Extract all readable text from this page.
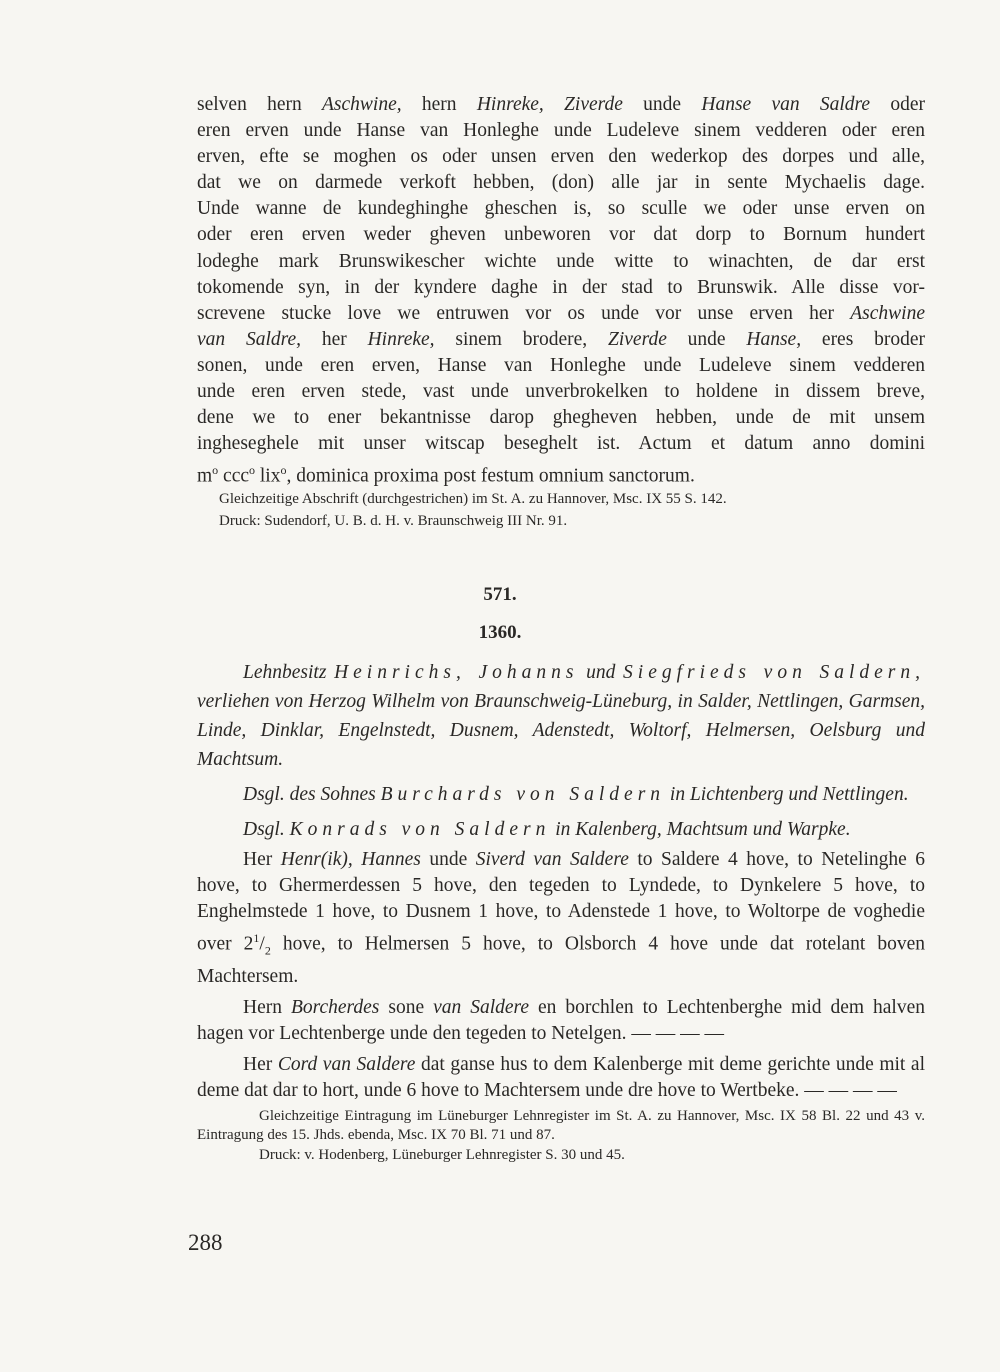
selven hern Aschwine, hern Hinreke, Ziverde unde Hanse van Saldre oder
eren erven unde Hanse van Honleghe unde Ludeleve sinem vedderen oder eren
erven, efte se moghen os oder unsen erven den wederkop des dorpes und alle,
dat we on darmede verkoft hebben, (don) alle jar in sente Mychaelis dage.
Unde wanne de kundeghinghe gheschen is, so sculle we oder unse erven on
oder eren erven weder gheven unbeworen vor dat dorp to Bornum hundert
lodeghe mark Brunswikescher wichte unde witte to winachten, de dar erst
tokomende syn, in der kyndere daghe in der stad to Brunswik. Alle disse vor-
screvene stucke love we entruwen vor os unde vor unse erven her Aschwine
van Saldre, her Hinreke, sinem brodere, Ziverde unde Hanse, eres broder
sonen, unde eren erven, Hanse van Honleghe unde Ludeleve sinem vedderen
unde eren erven stede, vast unde unverbrokelken to holdene in dissem breve,
dene we to ener bekantnisse darop ghegheven hebben, unde de mit unsem
ingheseghele mit unser witscap beseghelt ist. Actum et datum anno domini
$m^o$ ccc$^o$ lix$^o$, dominica proxima post festum omnium sanctorum.

Gleichzeitige Abschrift (durchgestrichen) im St. A. zu Hannover, Msc. IX 55 S. 142.

Druck: Sudendorf, U. B. d. H. v. Braunschweig III Nr. 91.

571.
1360.

Lehnbesitz Heinrichs, Johanns und Siegfrieds von Saldern, verliehen von Herzog Wilhelm von Braunschweig-Lüneburg, in Salder, Nettlingen, Garmsen, Linde, Dinklar, Engelnstedt, Dusnem, Adenstedt, Woltorf, Helmersen, Oelsburg und Machtsum.

Dsgl. des Sohnes Burchards von Saldern in Lichtenberg und Nettlingen.

Dsgl. Konrads von Saldern in Kalenberg, Machtsum und Warpke.

Her Henr(ik), Hannes unde Siverd van Saldere to Saldere 4 hove, to Netelinghe 6 hove, to Ghermerdessen 5 hove, den tegeden to Lyndede, to Dynkelere 5 hove, to Enghelmstede 1 hove, to Dusnem 1 hove, to Adenstede 1 hove, to Woltorpe de voghedie over $2^1/_2$ hove, to Helmersen 5 hove, to Olsborch 4 hove unde dat rotelant boven Machtersem.

Hern Borcherdes sone van Saldere en borchlen to Lechtenberghe mid dem halven hagen vor Lechtenberge unde den tegeden to Netelgen. — — — —

Her Cord van Saldere dat ganse hus to dem Kalenberge mit deme gerichte unde mit al deme dat dar to hort, unde 6 hove to Machtersem unde dre hove to Wertbeke. — — — —

Gleichzeitige Eintragung im Lüneburger Lehnregister im St. A. zu Hannover, Msc. IX 58 Bl. 22 und 43 v. Eintragung des 15. Jhds. ebenda, Msc. IX 70 Bl. 71 und 87.

Druck: v. Hodenberg, Lüneburger Lehnregister S. 30 und 45.

288
